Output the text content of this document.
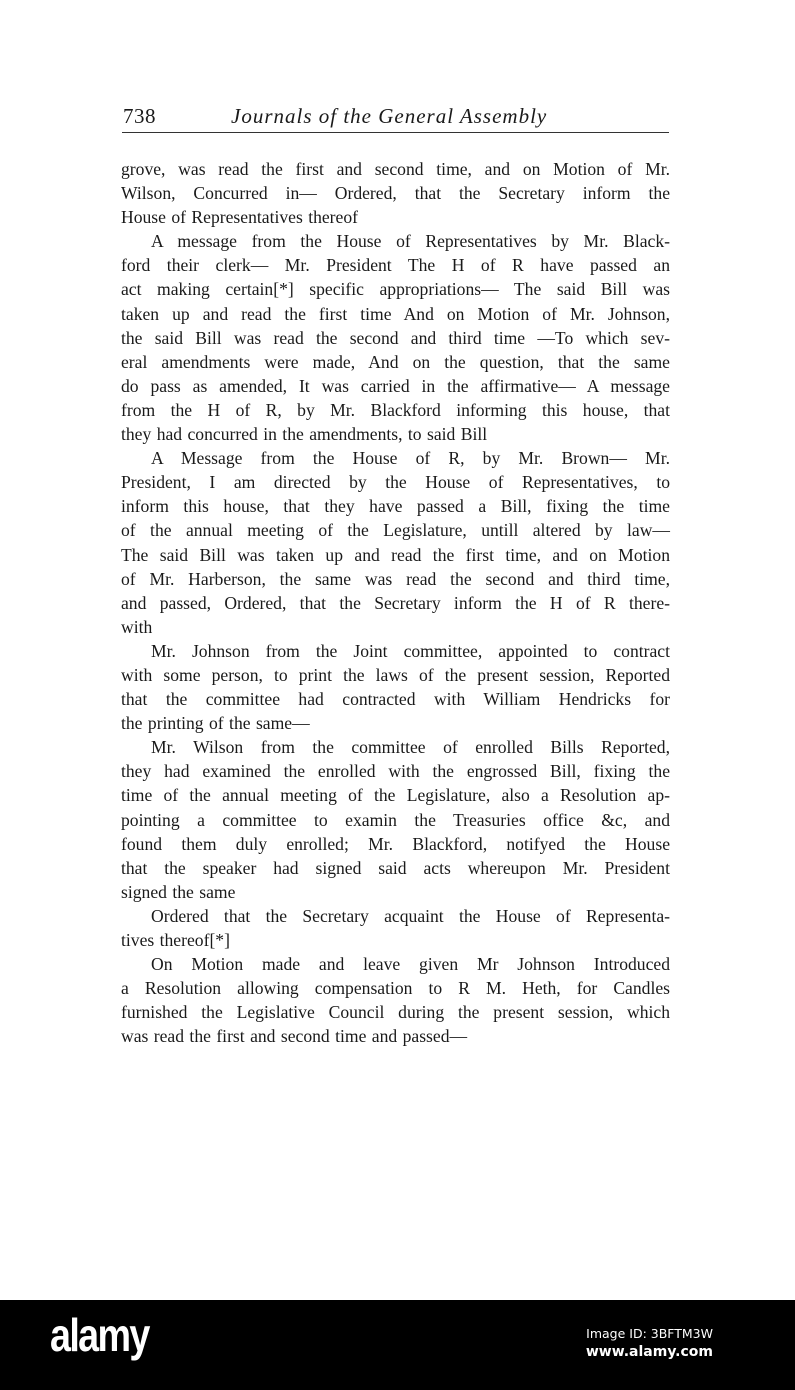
738	Journals of the General Assembly
grove, was read the first and second time, and on Motion of Mr.
Wilson, Concurred in— Ordered, that the Secretary inform the
House of Representatives thereof
A message from the House of Representatives by Mr. Black-
ford their clerk— Mr. President The H of R have passed an
act making certain[*] specific appropriations— The said Bill was
taken up and read the first time And on Motion of Mr. Johnson,
the said Bill was read the second and third time —To which sev-
eral amendments were made, And on the question, that the same
do pass as amended, It was carried in the affirmative— A message
from the H of R, by Mr. Blackford informing this house, that
they had concurred in the amendments, to said Bill
A Message from the House of R, by Mr. Brown— Mr.
President, I am directed by the House of Representatives, to
inform this house, that they have passed a Bill, fixing the time
of the annual meeting of the Legislature, untill altered by law—
The said Bill was taken up and read the first time, and on Motion
of Mr. Harberson, the same was read the second and third time,
and passed, Ordered, that the Secretary inform the H of R there-
with
Mr. Johnson from the Joint committee, appointed to contract
with some person, to print the laws of the present session, Reported
that the committee had contracted with William Hendricks for
the printing of the same—
Mr. Wilson from the committee of enrolled Bills Reported,
they had examined the enrolled with the engrossed Bill, fixing the
time of the annual meeting of the Legislature, also a Resolution ap-
pointing a committee to examin the Treasuries office &c, and
found them duly enrolled; Mr. Blackford, notifyed the House
that the speaker had signed said acts whereupon Mr. President
signed the same
Ordered that the Secretary acquaint the House of Representa-
tives thereof[*]
On Motion made and leave given Mr Johnson Introduced
a Resolution allowing compensation to R M. Heth, for Candles
furnished the Legislative Council during the present session, which
was read the first and second time and passed—
alamy	Image ID: 3BFTM3W
www.alamy.com
